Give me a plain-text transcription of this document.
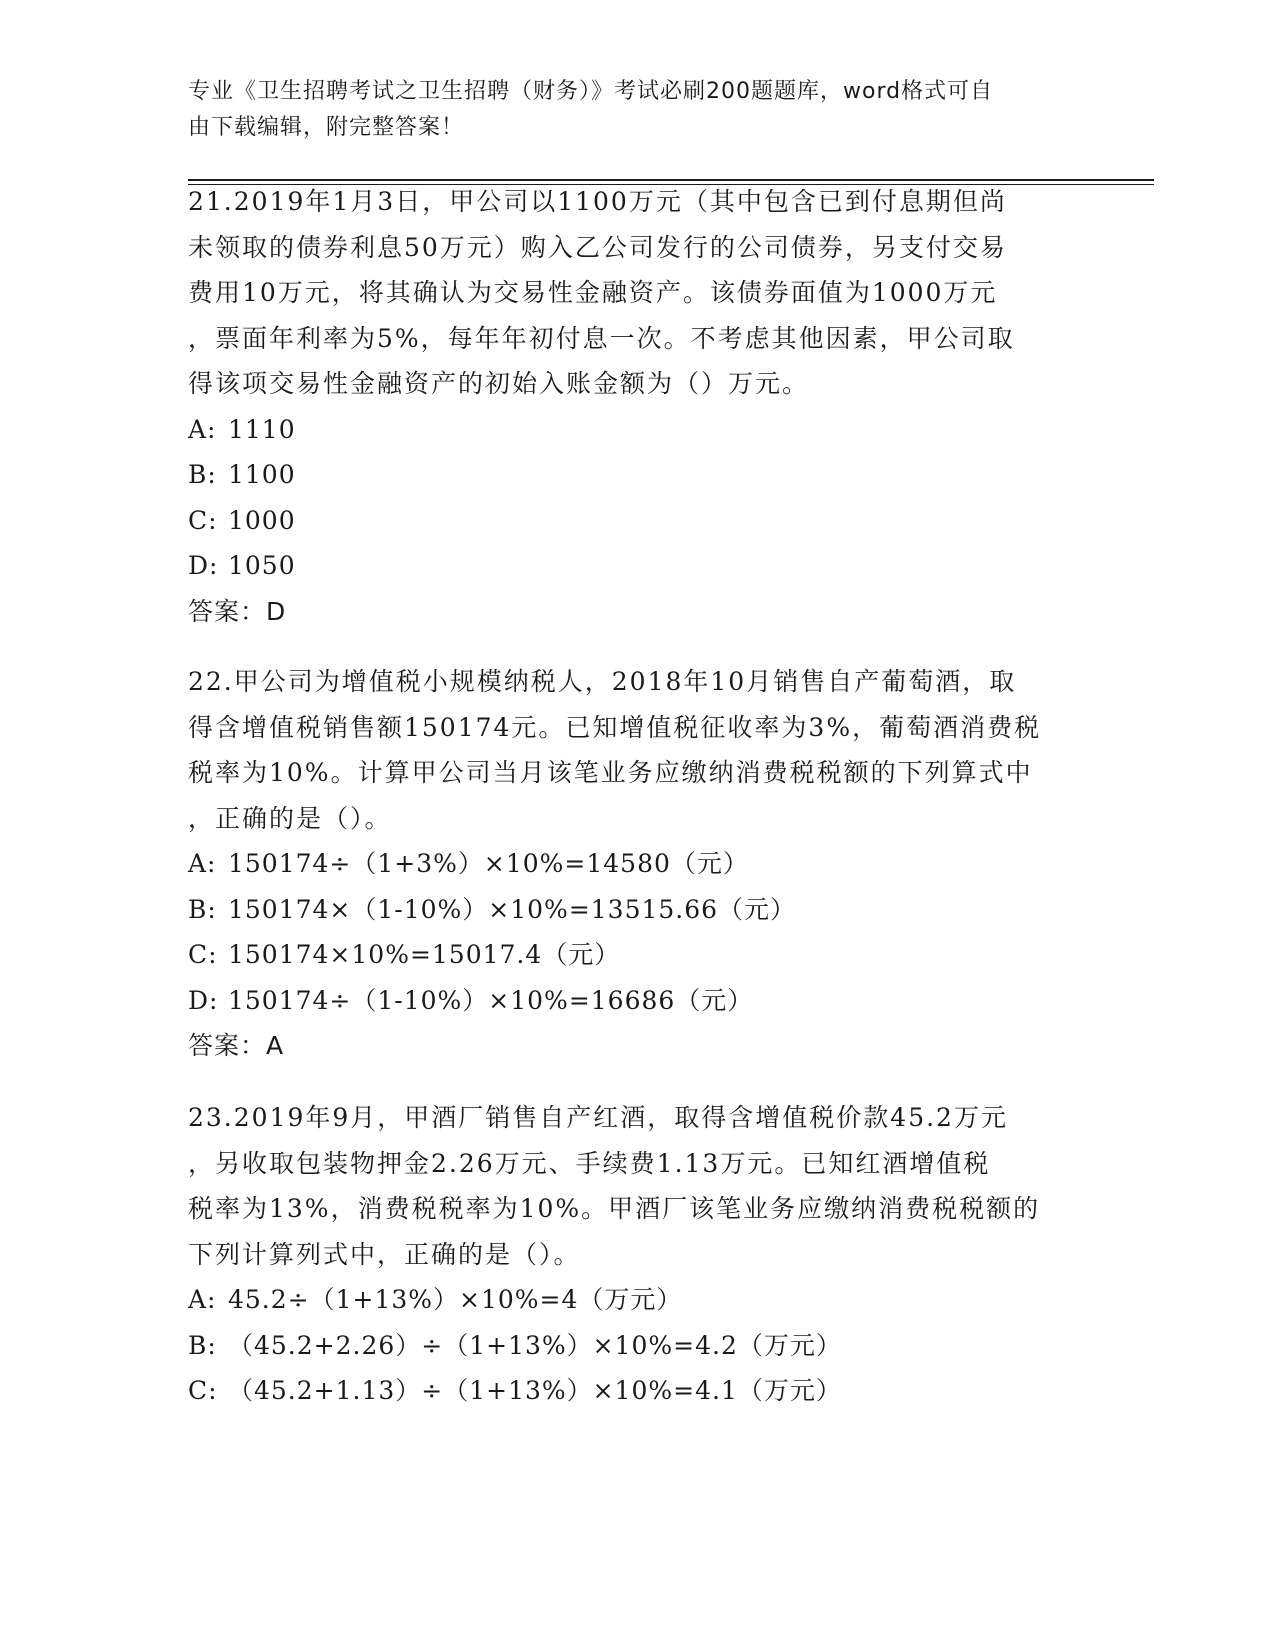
专业《卫生招聘考试之卫生招聘（财务）》考试必刷200题题库，word格式可自
由下载编辑，附完整答案！
21.2019年1月3日，甲公司以1100万元（其中包含已到付息期但尚
未领取的债券利息50万元）购入乙公司发行的公司债券，另支付交易
费用10万元，将其确认为交易性金融资产。该债券面值为1000万元
，票面年利率为5%，每年年初付息一次。不考虑其他因素，甲公司取
得该项交易性金融资产的初始入账金额为（）万元。
A: 1110
B: 1100
C: 1000
D: 1050
答案：D
22.甲公司为增值税小规模纳税人，2018年10月销售自产葡萄酒，取
得含增值税销售额150174元。已知增值税征收率为3%，葡萄酒消费税
税率为10%。计算甲公司当月该笔业务应缴纳消费税税额的下列算式中
，正确的是（）。
A: 150174÷（1+3%）×10%=14580（元）
B: 150174×（1-10%）×10%=13515.66（元）
C: 150174×10%=15017.4（元）
D: 150174÷（1-10%）×10%=16686（元）
答案：A
23.2019年9月，甲酒厂销售自产红酒，取得含增值税价款45.2万元
，另收取包装物押金2.26万元、手续费1.13万元。已知红酒增值税
税率为13%，消费税税率为10%。甲酒厂该笔业务应缴纳消费税税额的
下列计算列式中，正确的是（）。
A: 45.2÷（1+13%）×10%=4（万元）
B: （45.2+2.26）÷（1+13%）×10%=4.2（万元）
C: （45.2+1.13）÷（1+13%）×10%=4.1（万元）
